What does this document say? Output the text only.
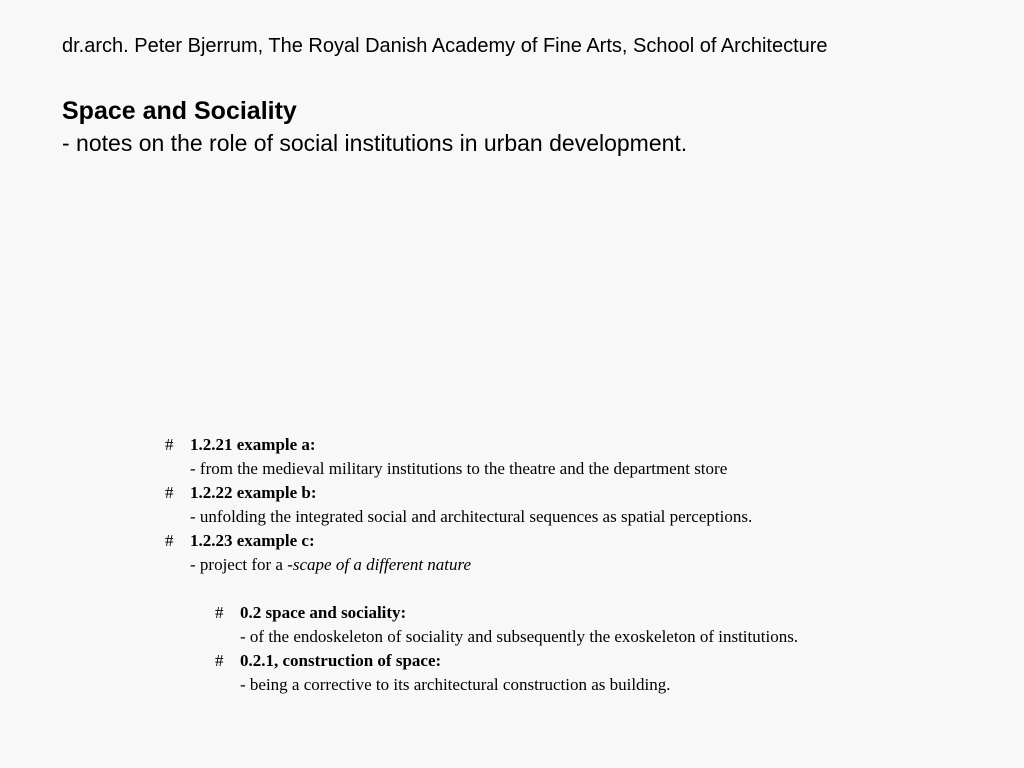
dr.arch. Peter Bjerrum, The Royal Danish Academy of Fine Arts, School of Architecture
Space and Sociality
- notes on the role of social institutions in urban development.
# 1.2.21 example a:
- from the medieval military institutions to the theatre and the department store
# 1.2.22 example b:
- unfolding the integrated social and architectural sequences as spatial perceptions.
# 1.2.23 example c:
- project for a -scape of a different nature
# 0.2 space and sociality:
- of the endoskeleton of sociality and subsequently the exoskeleton of institutions.
# 0.2.1, construction of space:
- being a corrective to its architectural construction as building.
